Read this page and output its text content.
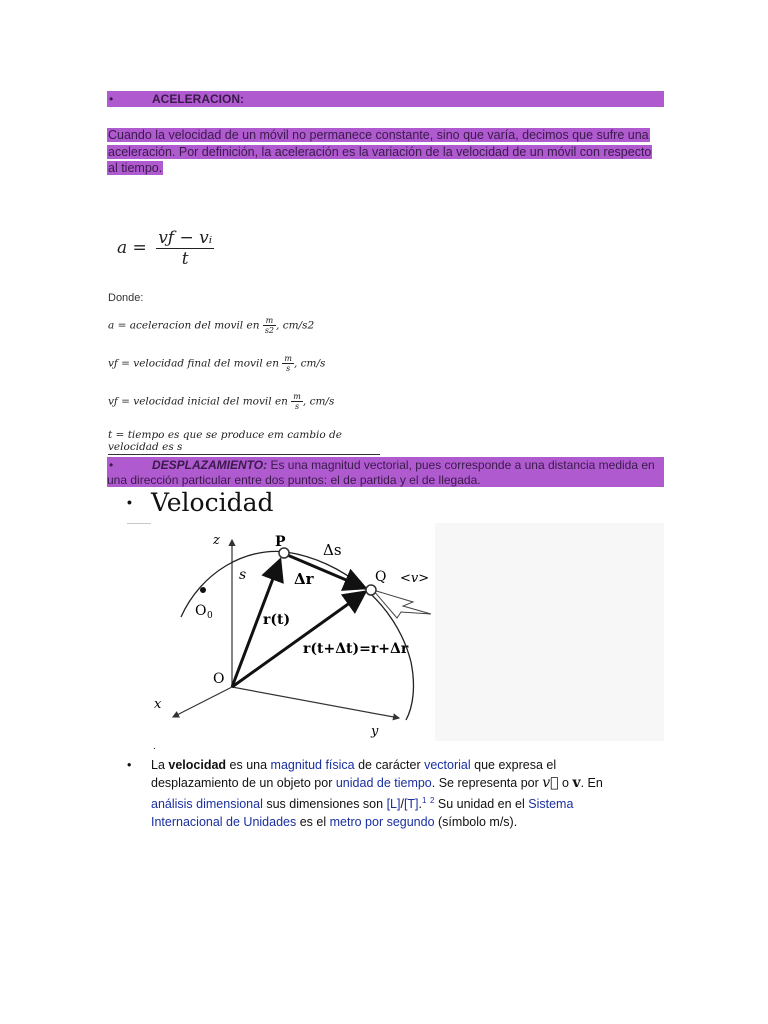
•	ACELERACION:
Cuando la velocidad de un móvil no permanece constante, sino que varía, decimos que sufre una aceleración. Por definición, la aceleración es la variación de la velocidad de un móvil con respecto al tiempo.
$a = \frac{\text{vƒ − vᵢ}}{t}$
Donde:
a = aceleracion del movil en $\frac{m}{s2}$ , cm/s2
vƒ = velocidad final del movil en $\frac{m}{s}$ , cm/s
vƒ = velocidad inicial del movil en $\frac{m}{s}$ , cm/s
t = tiempo es que se produce em cambio de velocidad es s
•	DESPLAZAMIENTO: Es una magnitud vectorial, pues corresponde a una distancia medida en una dirección particular entre dos puntos: el de partida y el de llegada.
• Velocidad
z
x
y
P
Q
O
O 0
s
Δs
Δr	<v>
r(t)
r(t+Δt)=r+Δr
.
• La velocidad es una magnitud física de carácter vectorial que expresa el desplazamiento de un objeto por unidad de tiempo. Se representa por v⃗ o v. En análisis dimensional sus dimensiones son [L]/[T].$^1$ $^2$ Su unidad en el Sistema Internacional de Unidades es el metro por segundo (símbolo m/s).
